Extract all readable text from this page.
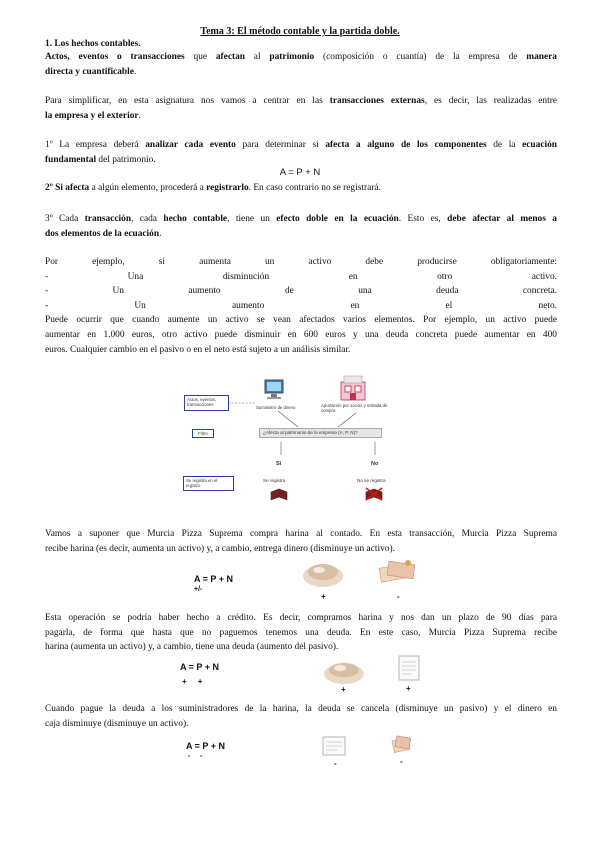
Tema 3: El método contable y la partida doble.
1. Los hechos contables.
Actos, eventos o transacciones que afectan al patrimonio (composición o cuantía) de la empresa de manera
directa y cuantificable.
Para simplificar, en esta asignatura nos vamos a centrar en las transacciones externas, es decir, las realizadas entre
la empresa y el exterior.
1º La empresa deberá analizar cada evento para determinar si afecta a alguno de los componentes de la ecuación
fundamental del patrimonio.
A = P + N
2º Si afecta a algún elemento, procederá a registrarlo. En caso contrario no se registrará.
3º Cada transacción, cada hecho contable, tiene un efecto doble en la ecuación. Esto es, debe afectar al menos a
dos elementos de la ecuación.
Por ejemplo, si aumenta un activo debe producirse obligatoriamente:
- Una disminución en otro activo.
- Un aumento de una deuda concreta.
- Un aumento en el neto.
Puede ocurrir que cuando aumente un activo se vean afectados varios elementos. Por ejemplo, un activo puede
aumentar en 1.000 euros, otro activo puede disminuir en 600 euros y una deuda concreta puede aumentar en 400
euros. Cualquier cambio en el pasivo o en el neto está sujeto a un análisis similar.
Actos, eventos, transacciones
Suministro de dinero	Aportación por socios y retirada de compra
Filtro	¿Afecta al patrimonio de la empresa (A, P, N)?
Sí	No
Se registra en el registro
Se registra	No se registra
Vamos a suponer que Murcia Pizza Suprema compra harina al contado. En esta transacción, Murcia Pizza Suprema
recibe harina (es decir, aumenta un activo) y, a cambio, entrega dinero (disminuye un activo).
A = P + N
+/-
+	-
Esta operación se podría haber hecho a crédito. Es decir, compramos harina y nos dan un plazo de 90 días para
pagarla, de forma que hasta que no paguemos tenemos una deuda. En este caso, Murcia Pizza Suprema recibe
harina (aumenta un activo) y, a cambio, tiene una deuda (aumento del pasivo).
A = P + N
+     +
+	+
Cuando pague la deuda a los suministradores de la harina, la deuda se cancela (disminuye un pasivo) y el dinero en
caja disminuye (disminuye un activo).
A = P + N
-     -
-	-
